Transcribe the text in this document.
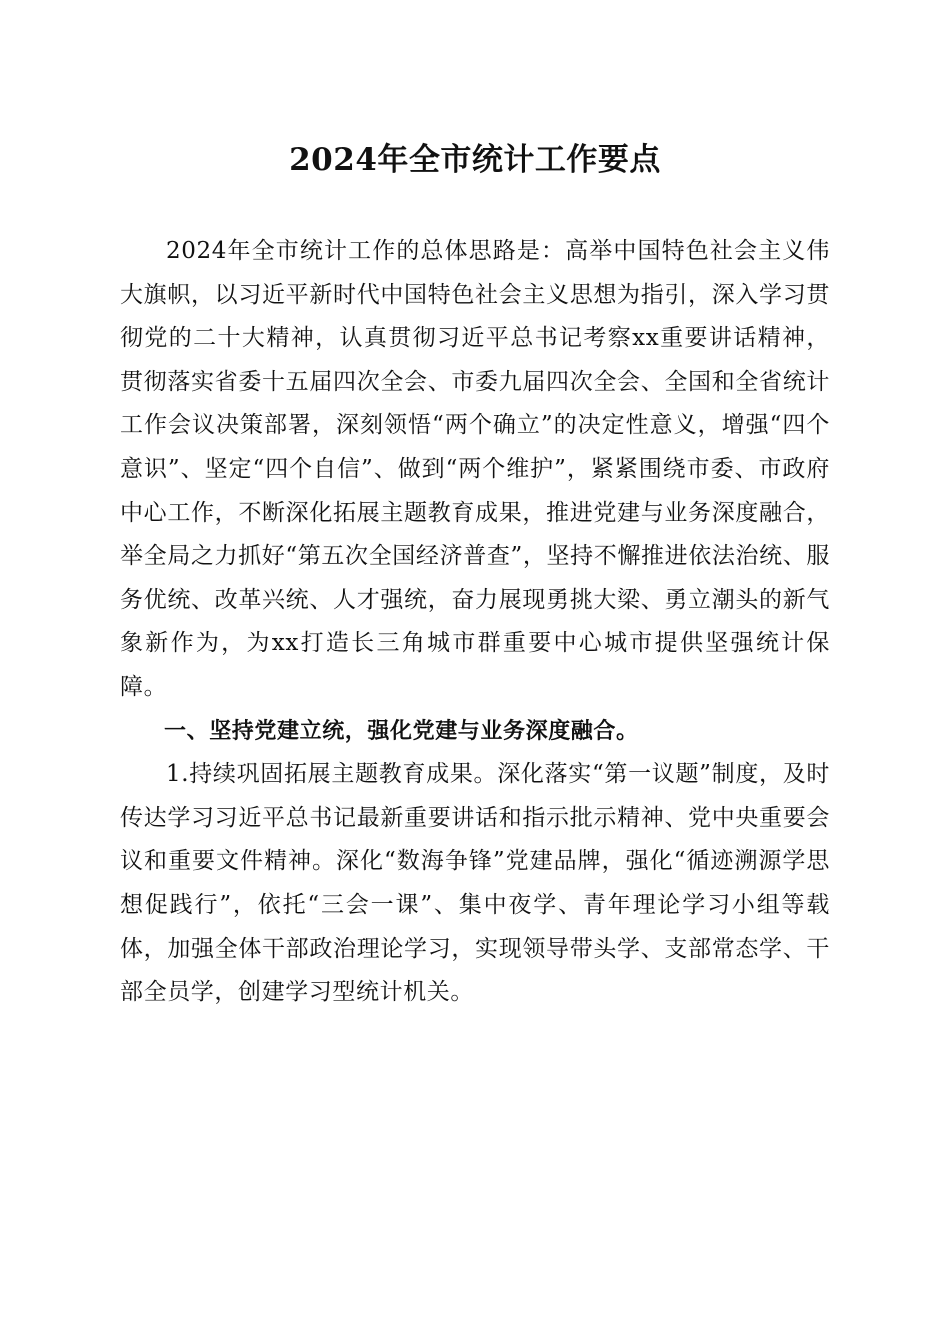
2024年全市统计工作要点

2024年全市统计工作的总体思路是：高举中国特色社会主义伟大旗帜，以习近平新时代中国特色社会主义思想为指引，深入学习贯彻党的二十大精神，认真贯彻习近平总书记考察xx重要讲话精神，贯彻落实省委十五届四次全会、市委九届四次全会、全国和全省统计工作会议决策部署，深刻领悟“两个确立”的决定性意义，增强“四个意识”、坚定“四个自信”、做到“两个维护”，紧紧围绕市委、市政府中心工作，不断深化拓展主题教育成果，推进党建与业务深度融合，举全局之力抓好“第五次全国经济普查”，坚持不懈推进依法治统、服务优统、改革兴统、人才强统，奋力展现勇挑大梁、勇立潮头的新气象新作为，为xx打造长三角城市群重要中心城市提供坚强统计保障。

一、坚持党建立统，强化党建与业务深度融合。

1.持续巩固拓展主题教育成果。深化落实“第一议题”制度，及时传达学习习近平总书记最新重要讲话和指示批示精神、党中央重要会议和重要文件精神。深化“数海争锋”党建品牌，强化“循迹溯源学思想促践行”，依托“三会一课”、集中夜学、青年理论学习小组等载体，加强全体干部政治理论学习，实现领导带头学、支部常态学、干部全员学，创建学习型统计机关。
